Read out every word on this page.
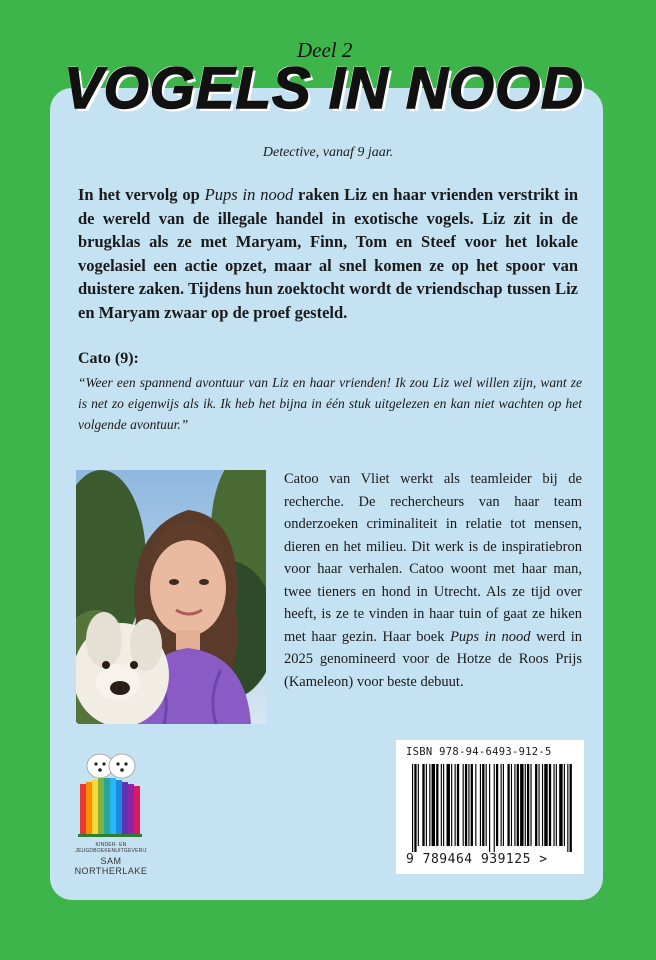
Deel 2
VOGELS IN NOOD
Detective, vanaf 9 jaar.
In het vervolg op Pups in nood raken Liz en haar vrienden verstrikt in de wereld van de illegale handel in exotische vogels. Liz zit in de brugklas als ze met Maryam, Finn, Tom en Steef voor het lokale vogelasiel een actie opzet, maar al snel komen ze op het spoor van duistere zaken. Tijdens hun zoektocht wordt de vriendschap tussen Liz en Maryam zwaar op de proef gesteld.
Cato (9):
“Weer een spannend avontuur van Liz en haar vrienden! Ik zou Liz wel willen zijn, want ze is net zo eigenwijs als ik. Ik heb het bijna in één stuk uitgelezen en kan niet wachten op het volgende avontuur.”
Catoo van Vliet werkt als teamleider bij de recherche. De rechercheurs van haar team onderzoeken criminaliteit in relatie tot mensen, dieren en het milieu. Dit werk is de inspiratiebron voor haar verhalen. Catoo woont met haar man, twee tieners en hond in Utrecht. Als ze tijd over heeft, is ze te vinden in haar tuin of gaat ze hiken met haar gezin. Haar boek Pups in nood werd in 2025 genomineerd voor de Hotze de Roos Prijs (Kameleon) voor beste debuut.
KINDER- EN JEUGDBOEKENUITGEVERIJ
SAM NORTHERLAKE
ISBN 978-94-6493-912-5
9 789464 939125 >
